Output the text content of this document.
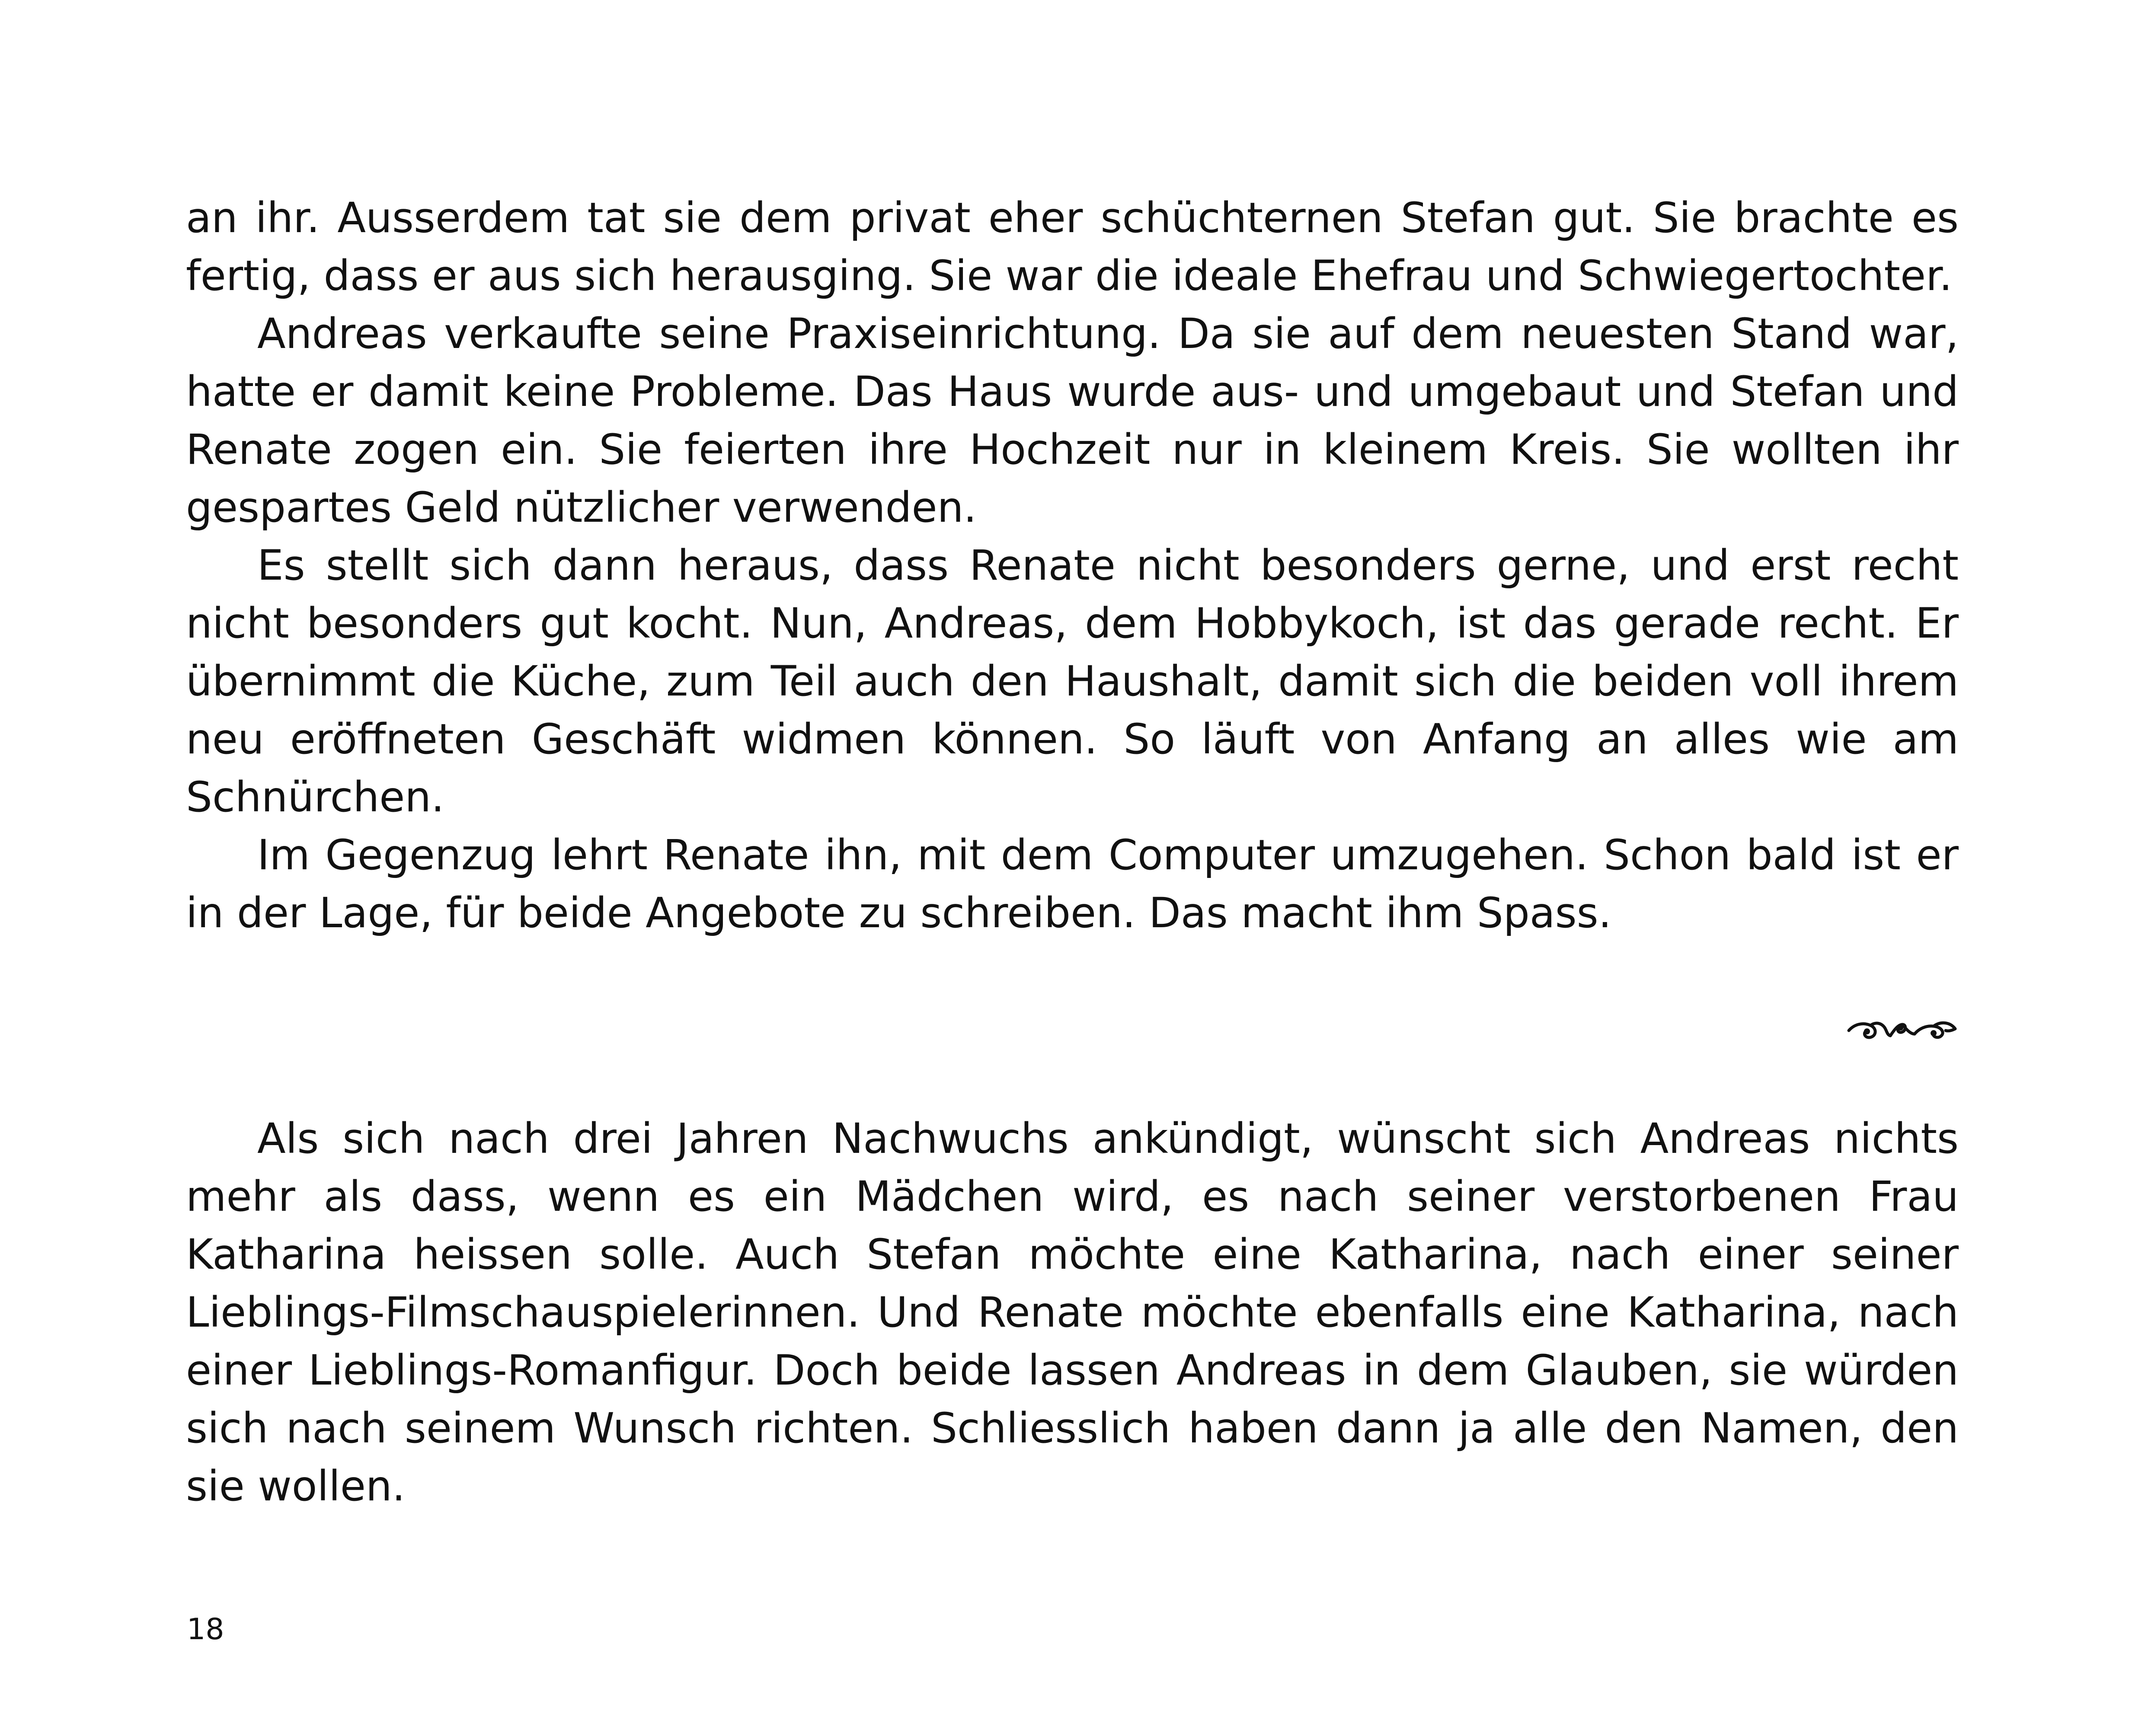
an ihr. Ausserdem tat sie dem privat eher schüchternen Stefan gut. Sie brachte es fertig, dass er aus sich herausging. Sie war die ideale Ehefrau und Schwiegertochter.

Andreas verkaufte seine Praxiseinrichtung. Da sie auf dem neuesten Stand war, hatte er damit keine Probleme. Das Haus wurde aus- und umgebaut und Stefan und Renate zogen ein. Sie feierten ihre Hochzeit nur in kleinem Kreis. Sie wollten ihr gespartes Geld nützlicher verwenden.

Es stellt sich dann heraus, dass Renate nicht besonders gerne, und erst recht nicht besonders gut kocht. Nun, Andreas, dem Hobbykoch, ist das gerade recht. Er übernimmt die Küche, zum Teil auch den Haushalt, damit sich die beiden voll ihrem neu eröffneten Geschäft widmen können. So läuft von Anfang an alles wie am Schnürchen.

Im Gegenzug lehrt Renate ihn, mit dem Computer umzugehen. Schon bald ist er in der Lage, für beide Angebote zu schreiben. Das macht ihm Spass.

Als sich nach drei Jahren Nachwuchs ankündigt, wünscht sich Andreas nichts mehr als dass, wenn es ein Mädchen wird, es nach seiner verstorbenen Frau Katharina heissen solle. Auch Stefan möchte eine Katharina, nach einer seiner Lieblings-Filmschauspielerinnen. Und Renate möchte ebenfalls eine Katharina, nach einer Lieblings-Romanfigur. Doch beide lassen Andreas in dem Glauben, sie würden sich nach seinem Wunsch richten. Schliesslich haben dann ja alle den Namen, den sie wollen.

18
